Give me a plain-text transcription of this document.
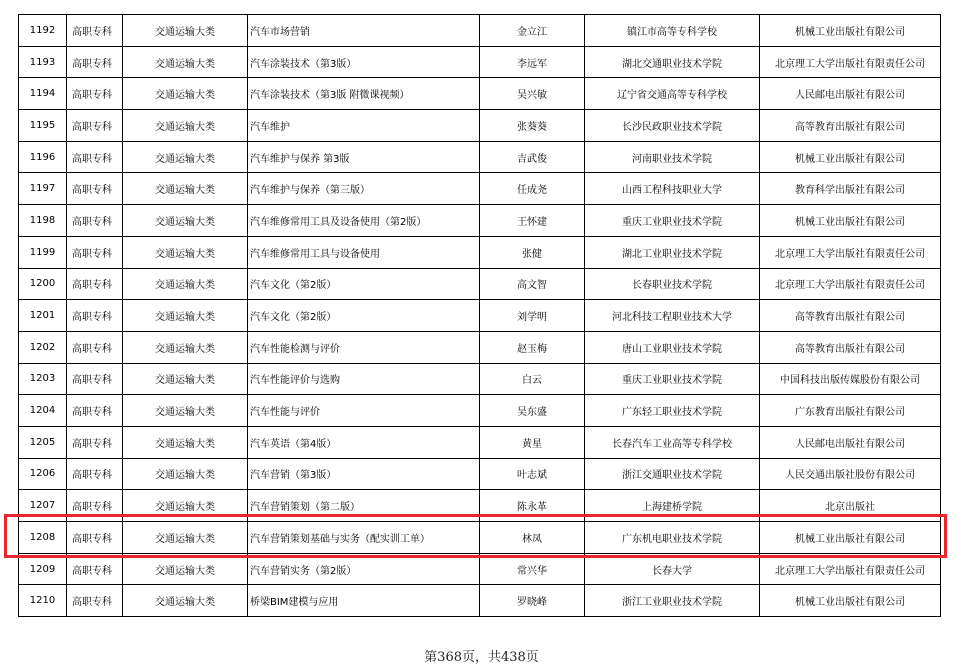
1192	高职专科	交通运输大类	汽车市场营销	金立江	镇江市高等专科学校	机械工业出版社有限公司
1193	高职专科	交通运输大类	汽车涂装技术（第3版）	李远军	湖北交通职业技术学院	北京理工大学出版社有限责任公司
1194	高职专科	交通运输大类	汽车涂装技术（第3版 附微课视频）	吴兴敏	辽宁省交通高等专科学校	人民邮电出版社有限公司
1195	高职专科	交通运输大类	汽车维护	张葵葵	长沙民政职业技术学院	高等教育出版社有限公司
1196	高职专科	交通运输大类	汽车维护与保养 第3版	吉武俊	河南职业技术学院	机械工业出版社有限公司
1197	高职专科	交通运输大类	汽车维护与保养（第三版）	任成尧	山西工程科技职业大学	教育科学出版社有限公司
1198	高职专科	交通运输大类	汽车维修常用工具及设备使用（第2版）	王怀建	重庆工业职业技术学院	机械工业出版社有限公司
1199	高职专科	交通运输大类	汽车维修常用工具与设备使用	张健	湖北工业职业技术学院	北京理工大学出版社有限责任公司
1200	高职专科	交通运输大类	汽车文化（第2版）	高文智	长春职业技术学院	北京理工大学出版社有限责任公司
1201	高职专科	交通运输大类	汽车文化（第2版）	刘学明	河北科技工程职业技术大学	高等教育出版社有限公司
1202	高职专科	交通运输大类	汽车性能检测与评价	赵玉梅	唐山工业职业技术学院	高等教育出版社有限公司
1203	高职专科	交通运输大类	汽车性能评价与选购	白云	重庆工业职业技术学院	中国科技出版传媒股份有限公司
1204	高职专科	交通运输大类	汽车性能与评价	吴东盛	广东轻工职业技术学院	广东教育出版社有限公司
1205	高职专科	交通运输大类	汽车英语（第4版）	黄星	长春汽车工业高等专科学校	人民邮电出版社有限公司
1206	高职专科	交通运输大类	汽车营销（第3版）	叶志斌	浙江交通职业技术学院	人民交通出版社股份有限公司
1207	高职专科	交通运输大类	汽车营销策划（第二版）	陈永革	上海建桥学院	北京出版社
1208	高职专科	交通运输大类	汽车营销策划基础与实务（配实训工单）	林凤	广东机电职业技术学院	机械工业出版社有限公司
1209	高职专科	交通运输大类	汽车营销实务（第2版）	常兴华	长春大学	北京理工大学出版社有限责任公司
1210	高职专科	交通运输大类	桥梁BIM建模与应用	罗晓峰	浙江工业职业技术学院	机械工业出版社有限公司
第368页，共438页
